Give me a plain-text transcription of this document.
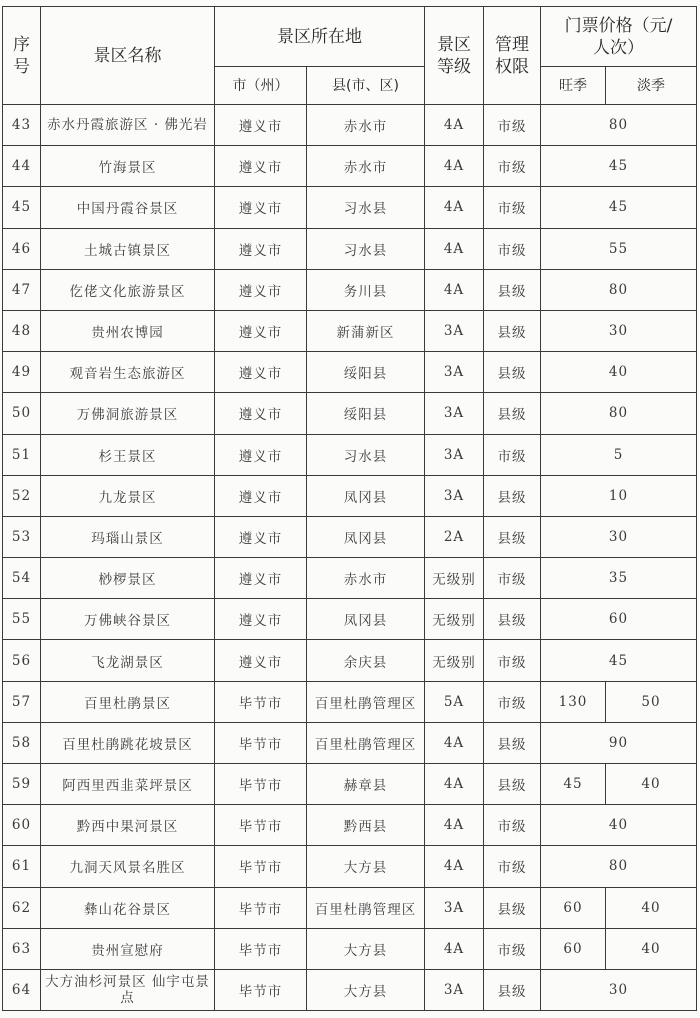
序号	景区名称	景区所在地		景区等级	管理权限	门票价格（元/人次）	
		市（州）	县(市、区)			旺季	淡季
43	赤水丹霞旅游区 · 佛光岩	遵义市	赤水市	4A	市级	80	
44	竹海景区	遵义市	赤水市	4A	市级	45	
45	中国丹霞谷景区	遵义市	习水县	4A	市级	45	
46	土城古镇景区	遵义市	习水县	4A	市级	55	
47	仡佬文化旅游景区	遵义市	务川县	4A	县级	80	
48	贵州农博园	遵义市	新蒲新区	3A	县级	30	
49	观音岩生态旅游区	遵义市	绥阳县	3A	县级	40	
50	万佛洞旅游景区	遵义市	绥阳县	3A	县级	80	
51	杉王景区	遵义市	习水县	3A	市级	5	
52	九龙景区	遵义市	凤冈县	3A	县级	10	
53	玛瑙山景区	遵义市	凤冈县	2A	县级	30	
54	桫椤景区	遵义市	赤水市	无级别	市级	35	
55	万佛峡谷景区	遵义市	凤冈县	无级别	县级	60	
56	飞龙湖景区	遵义市	余庆县	无级别	市级	45	
57	百里杜鹃景区	毕节市	百里杜鹃管理区	5A	市级	130	50
58	百里杜鹃跳花坡景区	毕节市	百里杜鹃管理区	4A	县级	90	
59	阿西里西韭菜坪景区	毕节市	赫章县	4A	县级	45	40
60	黔西中果河景区	毕节市	黔西县	4A	市级	40	
61	九洞天风景名胜区	毕节市	大方县	4A	市级	80	
62	彝山花谷景区	毕节市	百里杜鹃管理区	3A	县级	60	40
63	贵州宣慰府	毕节市	大方县	4A	市级	60	40
64	大方油杉河景区 仙宇屯景点	毕节市	大方县	3A	县级	30	
